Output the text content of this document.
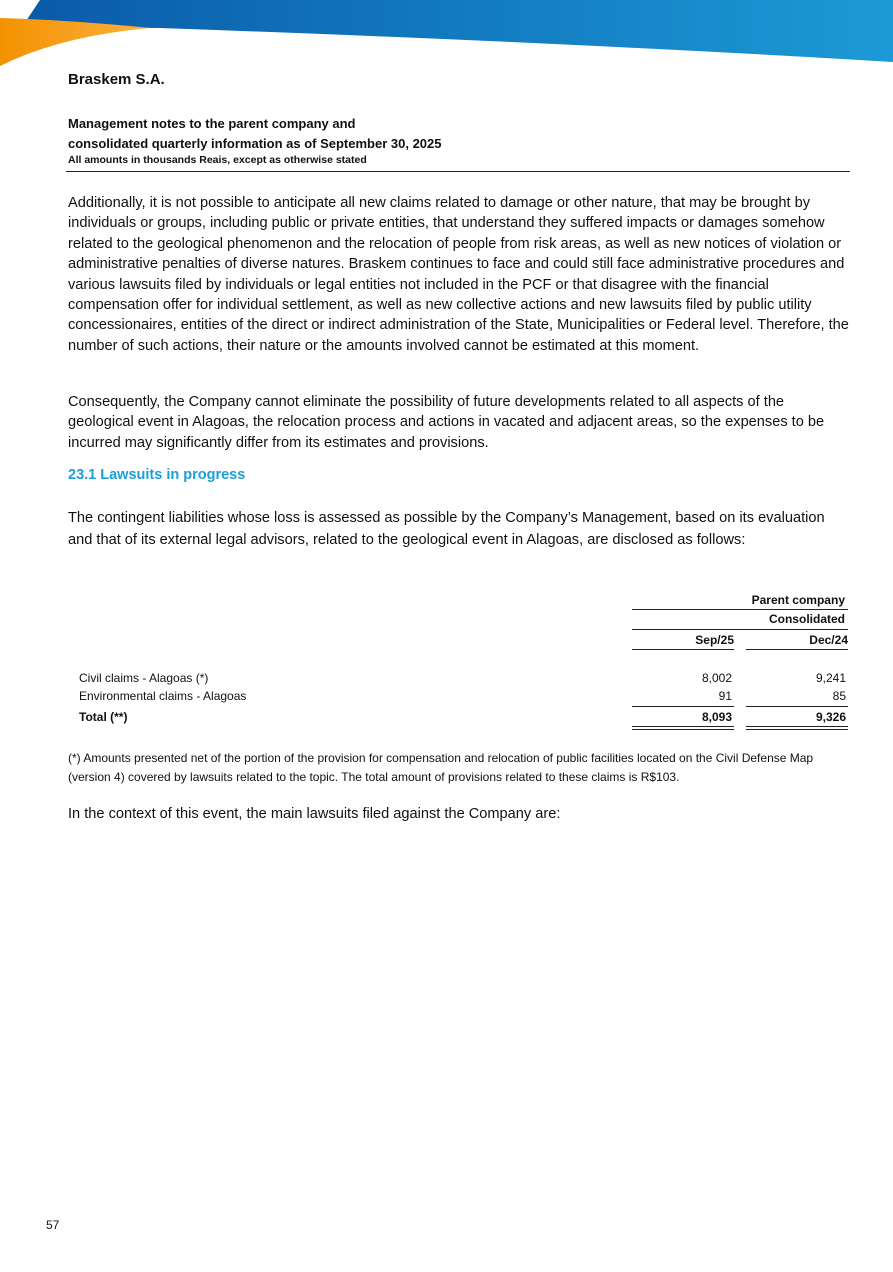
Braskem S.A.

Management notes to the parent company and

consolidated quarterly information as of September 30, 2025

All amounts in thousands Reais, except as otherwise stated

Additionally, it is not possible to anticipate all new claims related to damage or other nature, that may be brought by individuals or groups, including public or private entities, that understand they suffered impacts or damages somehow related to the geological phenomenon and the relocation of people from risk areas, as well as new notices of violation or administrative penalties of diverse natures. Braskem continues to face and could still face administrative procedures and various lawsuits filed by individuals or legal entities not included in the PCF or that disagree with the financial compensation offer for individual settlement, as well as new collective actions and new lawsuits filed by public utility concessionaires, entities of the direct or indirect administration of the State, Municipalities or Federal level. Therefore, the number of such actions, their nature or the amounts involved cannot be estimated at this moment.

Consequently, the Company cannot eliminate the possibility of future developments related to all aspects of the geological event in Alagoas, the relocation process and actions in vacated and adjacent areas, so the expenses to be incurred may significantly differ from its estimates and provisions.

23.1 Lawsuits in progress

The contingent liabilities whose loss is assessed as possible by the Company’s Management, based on its evaluation and that of its external legal advisors, related to the geological event in Alagoas, are disclosed as follows:

Parent company
Consolidated
Sep/25	Dec/24
Civil claims - Alagoas (*)	8,002	9,241
Environmental claims - Alagoas	91	85
Total (**)	8,093	9,326

(*) Amounts presented net of the portion of the provision for compensation and relocation of public facilities located on the Civil Defense Map (version 4) covered by lawsuits related to the topic. The total amount of provisions related to these claims is R$103.

In the context of this event, the main lawsuits filed against the Company are:

57
